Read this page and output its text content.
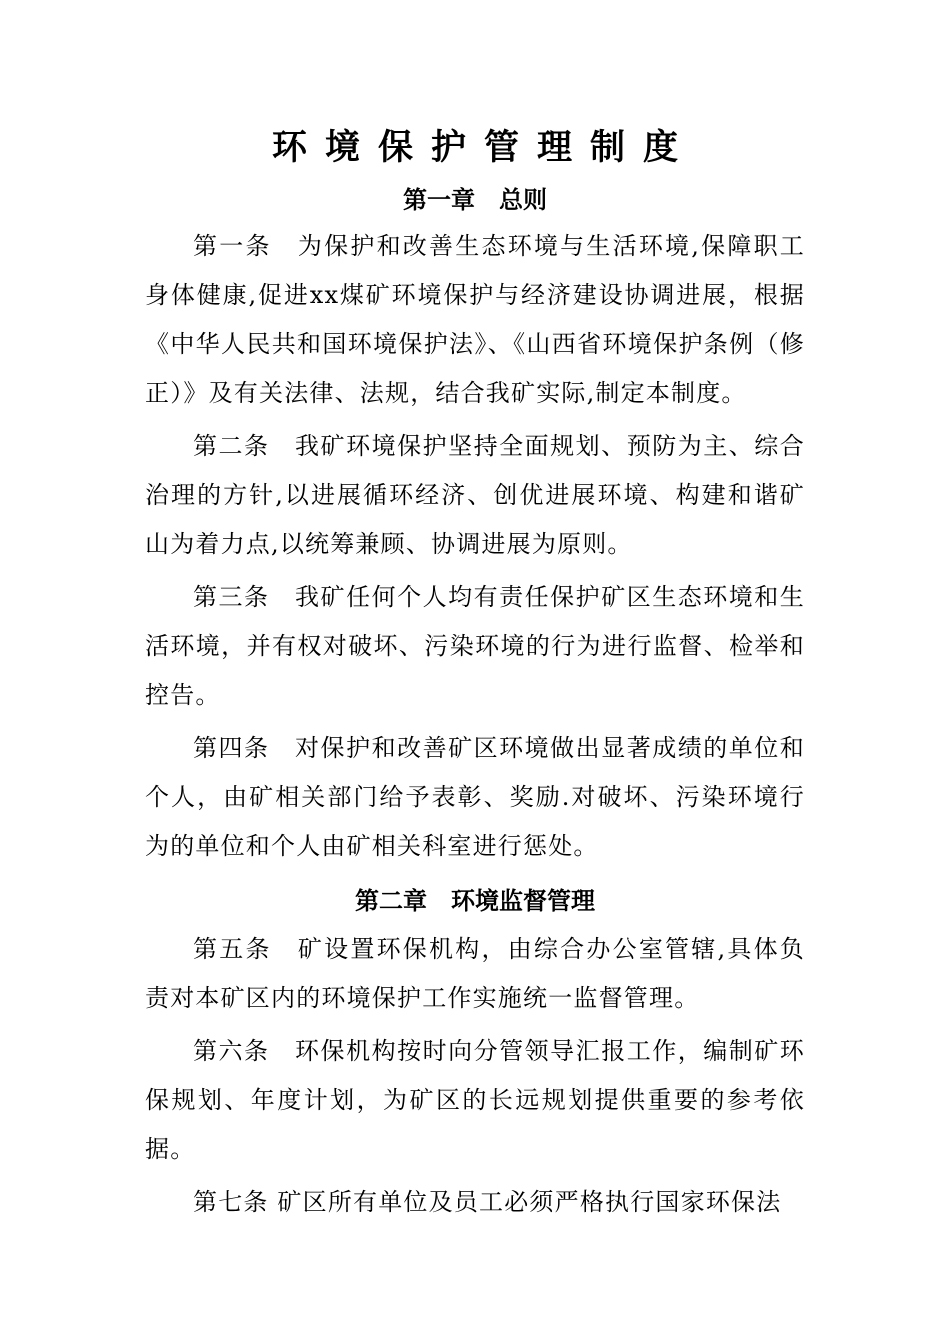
环境保护管理制度
第一章　总则

第一条　为保护和改善生态环境与生活环境,保障职工身体健康,促进xx煤矿环境保护与经济建设协调进展，根据《中华人民共和国环境保护法》、《山西省环境保护条例（修正）》及有关法律、法规，结合我矿实际,制定本制度。

第二条　我矿环境保护坚持全面规划、预防为主、综合治理的方针,以进展循环经济、创优进展环境、构建和谐矿山为着力点,以统筹兼顾、协调进展为原则。

第三条　我矿任何个人均有责任保护矿区生态环境和生活环境，并有权对破坏、污染环境的行为进行监督、检举和控告。

第四条　对保护和改善矿区环境做出显著成绩的单位和个人，由矿相关部门给予表彰、奖励.对破坏、污染环境行为的单位和个人由矿相关科室进行惩处。

第二章　环境监督管理

第五条　矿设置环保机构，由综合办公室管辖,具体负责对本矿区内的环境保护工作实施统一监督管理。

第六条　环保机构按时向分管领导汇报工作，编制矿环保规划、年度计划，为矿区的长远规划提供重要的参考依据。

第七条 矿区所有单位及员工必须严格执行国家环保法
